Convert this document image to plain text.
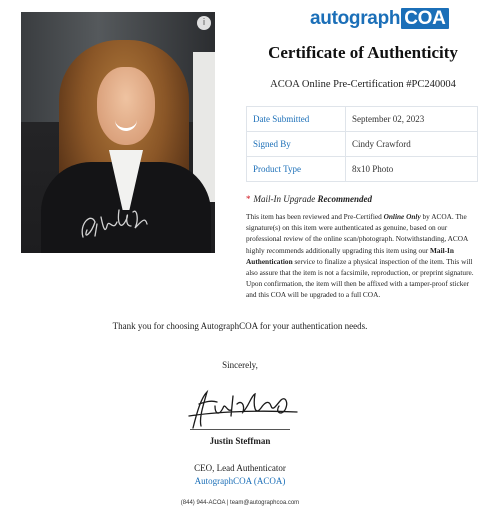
i	autograph COA
Certificate of Authenticity

ACOA Online Pre-Certification #PC240004

Date Submitted	September 02, 2023
Signed By	Cindy Crawford
Product Type	8x10 Photo
* Mail-In Upgrade Recommended

This item has been reviewed and Pre-Certified Online Only by ACOA. The signature(s) on this item were authenticated as genuine, based on our professional review of the online scan/photograph. Notwithstanding, ACOA highly recommends additionally upgrading this item using our Mail-In Authentication service to finalize a physical inspection of the item. This will also assure that the item is not a facsimile, reproduction, or preprint signature. Upon confirmation, the item will then be affixed with a tamper-proof sticker and this COA will be upgraded to a full COA.

Thank you for choosing AutographCOA for your authentication needs.

Sincerely,

Justin Steffman

CEO, Lead Authenticator

AutographCOA (ACOA)

(844) 944-ACOA | team@autographcoa.com
